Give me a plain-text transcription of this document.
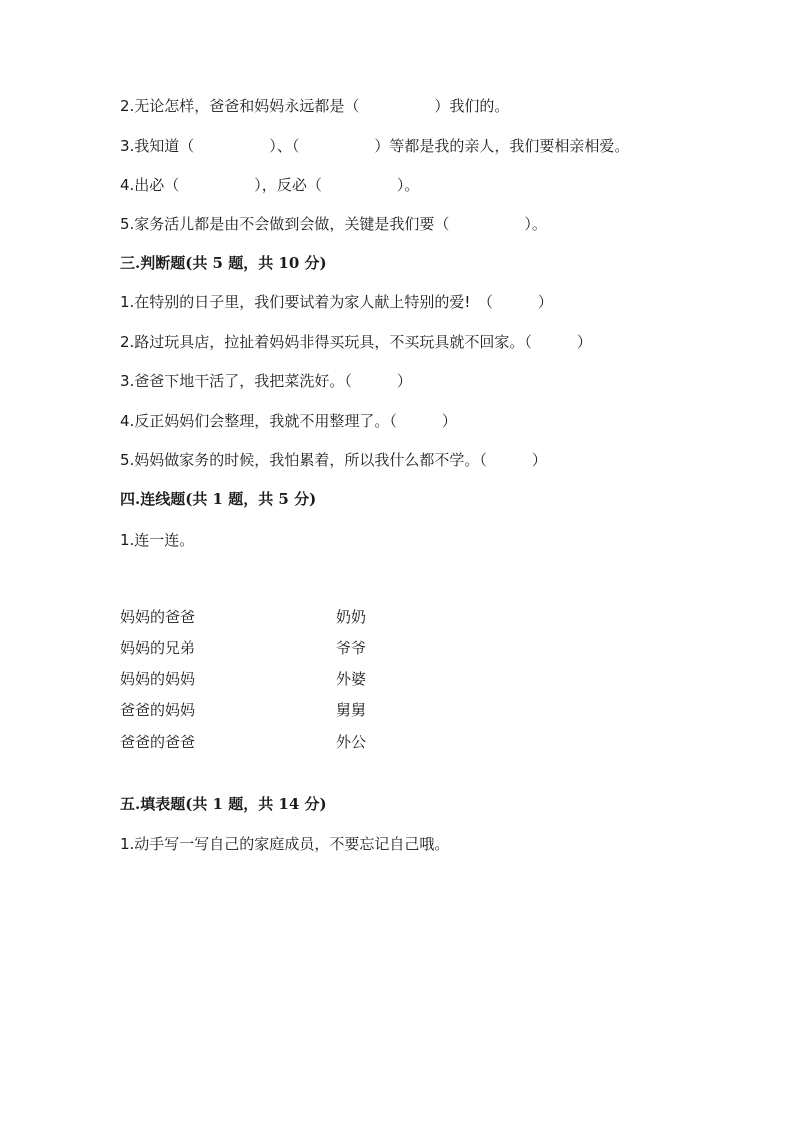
2.无论怎样，爸爸和妈妈永远都是（　　　　　）我们的。
3.我知道（　　　　　）、（　　　　　）等都是我的亲人，我们要相亲相爱。
4.出必（　　　　　），反必（　　　　　）。
5.家务活儿都是由不会做到会做，关键是我们要（　　　　　）。
三.判断题(共 5 题，共 10 分)
1.在特别的日子里，我们要试着为家人献上特别的爱!　（　　　）
2.路过玩具店，拉扯着妈妈非得买玩具，不买玩具就不回家。（　　　）
3.爸爸下地干活了，我把菜洗好。（　　　）
4.反正妈妈们会整理，我就不用整理了。（　　　）
5.妈妈做家务的时候，我怕累着，所以我什么都不学。（　　　）
四.连线题(共 1 题，共 5 分)
1.连一连。
妈妈的爸爸
妈妈的兄弟
妈妈的妈妈
爸爸的妈妈
爸爸的爸爸
奶奶
爷爷
外婆
舅舅
外公
五.填表题(共 1 题，共 14 分)
1.动手写一写自己的家庭成员，不要忘记自己哦。
